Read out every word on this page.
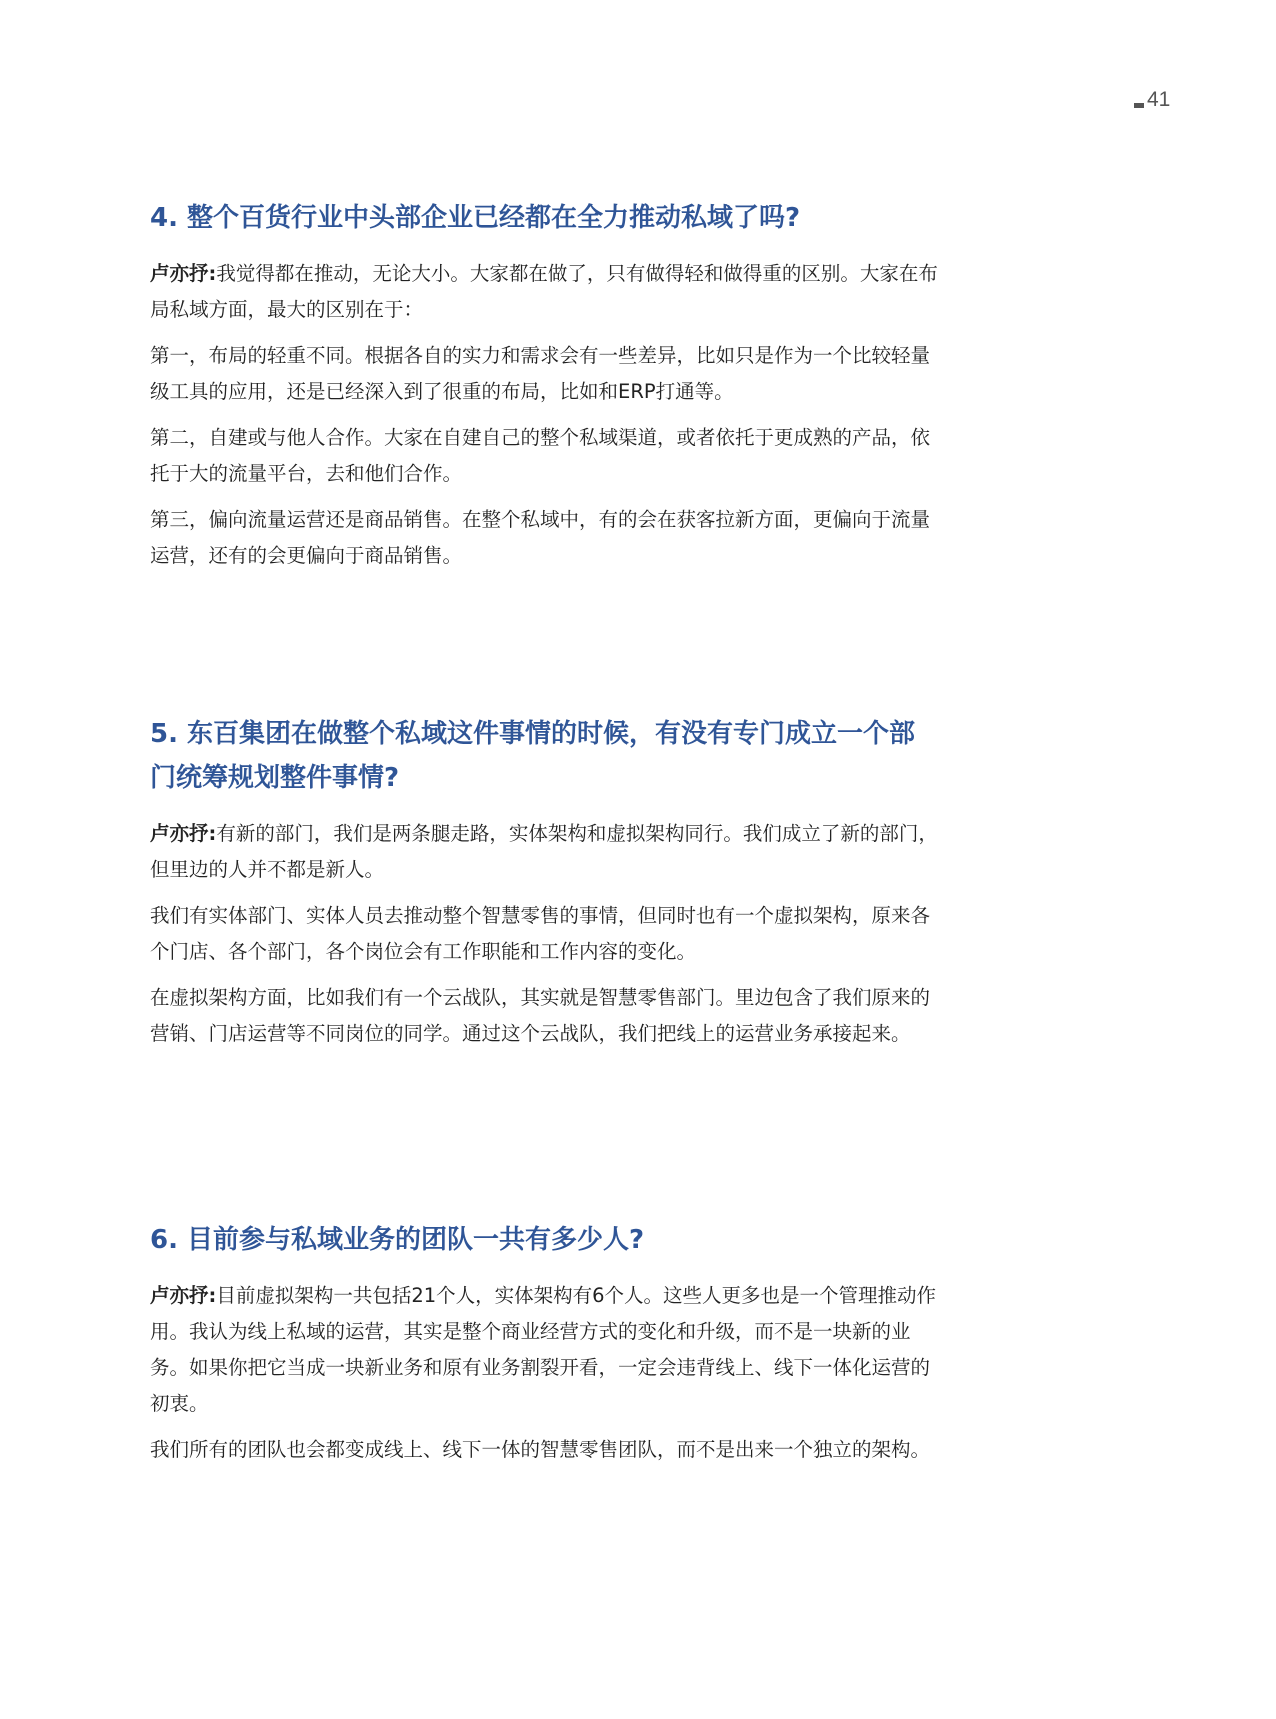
41
4. 整个百货行业中头部企业已经都在全力推动私域了吗?

卢亦抒:我觉得都在推动，无论大小。大家都在做了，只有做得轻和做得重的区别。大家在布局私域方面，最大的区别在于：

第一，布局的轻重不同。根据各自的实力和需求会有一些差异，比如只是作为一个比较轻量级工具的应用，还是已经深入到了很重的布局，比如和ERP打通等。

第二，自建或与他人合作。大家在自建自己的整个私域渠道，或者依托于更成熟的产品，依托于大的流量平台，去和他们合作。

第三，偏向流量运营还是商品销售。在整个私域中，有的会在获客拉新方面，更偏向于流量运营，还有的会更偏向于商品销售。

5. 东百集团在做整个私域这件事情的时候，有没有专门成立一个部门统筹规划整件事情?

卢亦抒:有新的部门，我们是两条腿走路，实体架构和虚拟架构同行。我们成立了新的部门，但里边的人并不都是新人。

我们有实体部门、实体人员去推动整个智慧零售的事情，但同时也有一个虚拟架构，原来各个门店、各个部门，各个岗位会有工作职能和工作内容的变化。

在虚拟架构方面，比如我们有一个云战队，其实就是智慧零售部门。里边包含了我们原来的营销、门店运营等不同岗位的同学。通过这个云战队，我们把线上的运营业务承接起来。

6. 目前参与私域业务的团队一共有多少人?

卢亦抒:目前虚拟架构一共包括21个人，实体架构有6个人。这些人更多也是一个管理推动作用。我认为线上私域的运营，其实是整个商业经营方式的变化和升级，而不是一块新的业务。如果你把它当成一块新业务和原有业务割裂开看，一定会违背线上、线下一体化运营的初衷。

我们所有的团队也会都变成线上、线下一体的智慧零售团队，而不是出来一个独立的架构。
